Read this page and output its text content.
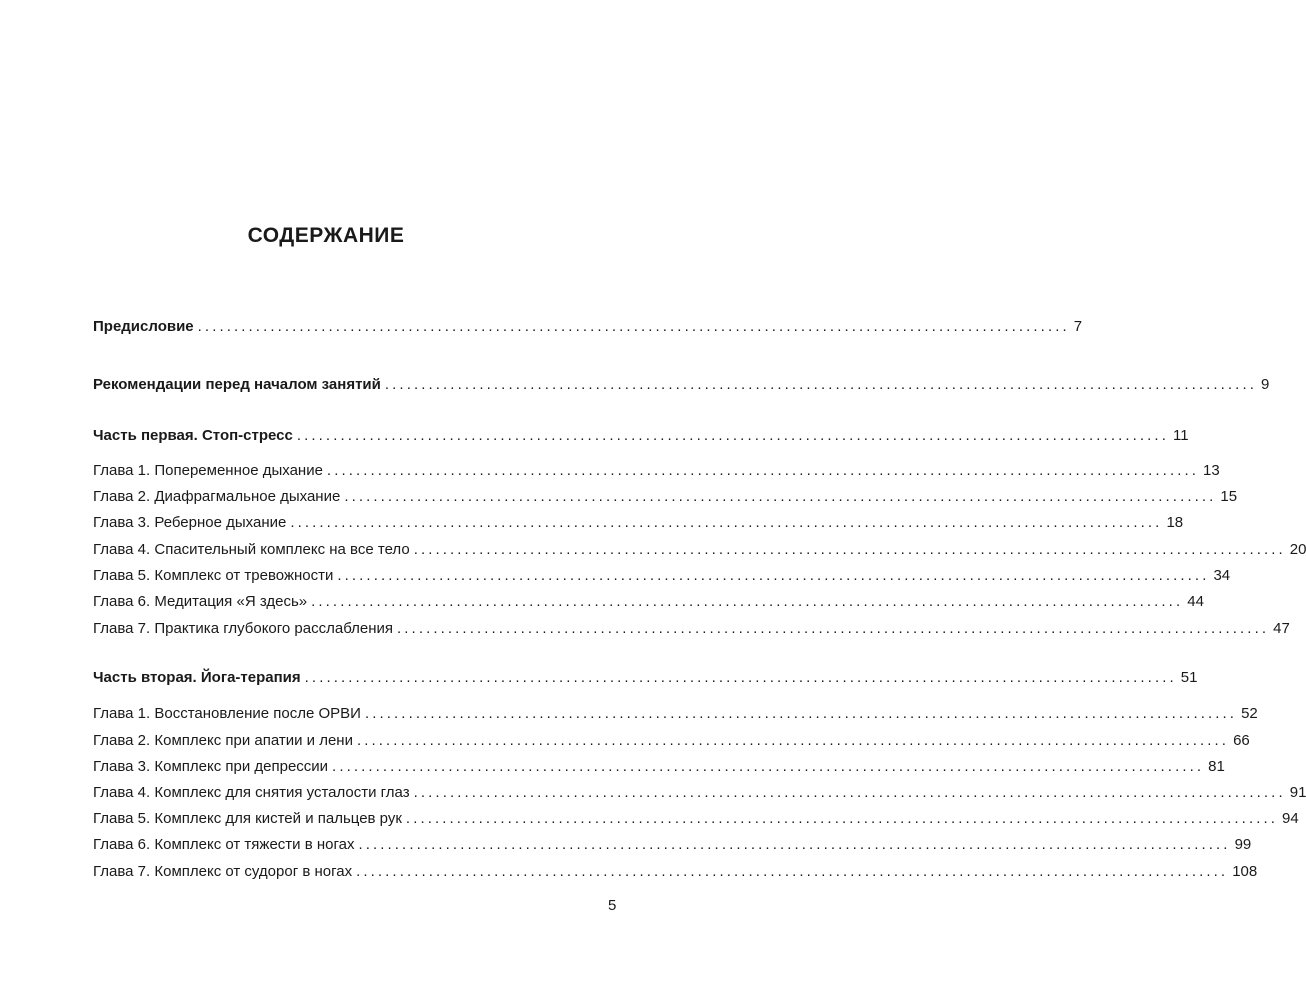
СОДЕРЖАНИЕ
Предисловие ........................................................................................................................ 7
Рекомендации перед началом занятий ........................................................................................................................ 9
Часть первая. Стоп-стресс ........................................................................................................................ 11
Глава 1. Попеременное дыхание ........................................................................................................................ 13
Глава 2. Диафрагмальное дыхание ........................................................................................................................ 15
Глава 3. Реберное дыхание ........................................................................................................................ 18
Глава 4. Спасительный комплекс на все тело ........................................................................................................................ 20
Глава 5. Комплекс от тревожности ........................................................................................................................ 34
Глава 6. Медитация «Я здесь» ........................................................................................................................ 44
Глава 7. Практика глубокого расслабления ........................................................................................................................ 47
Часть вторая. Йога-терапия ........................................................................................................................ 51
Глава 1. Восстановление после ОРВИ ........................................................................................................................ 52
Глава 2. Комплекс при апатии и лени ........................................................................................................................ 66
Глава 3. Комплекс при депрессии ........................................................................................................................ 81
Глава 4. Комплекс для снятия усталости глаз ........................................................................................................................ 91
Глава 5. Комплекс для кистей и пальцев рук ........................................................................................................................ 94
Глава 6. Комплекс от тяжести в ногах ........................................................................................................................ 99
Глава 7. Комплекс от судорог в ногах ........................................................................................................................ 108
5
